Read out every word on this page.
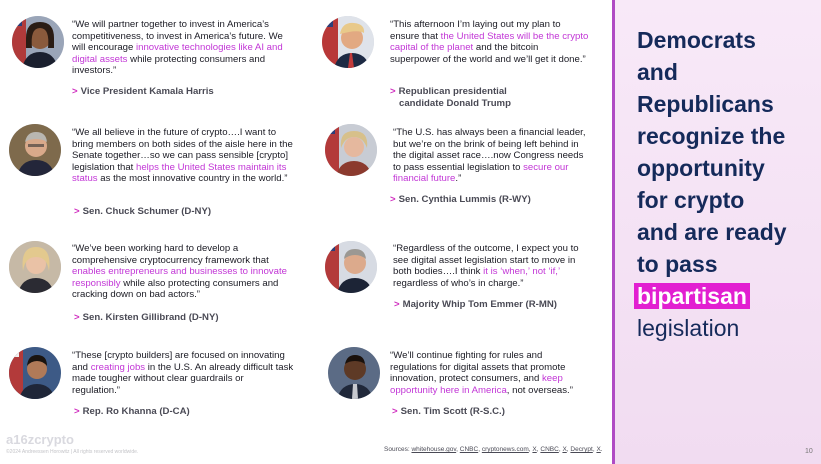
“We will partner together to invest in America’s competitiveness, to invest in America’s future. We will encourage innovative technologies like AI and digital assets while protecting consumers and investors.”
> Vice President Kamala Harris
“This afternoon I’m laying out my plan to ensure that the United States will be the crypto capital of the planet and the bitcoin superpower of the world and we’ll get it done.”
> Republican presidential
candidate Donald Trump
“We all believe in the future of crypto….I want to bring members on both sides of the aisle here in the Senate together…so we can pass sensible [crypto] legislation that helps the United States maintain its status as the most innovative country in the world.”
> Sen. Chuck Schumer (D-NY)
“The U.S. has always been a financial leader, but we’re on the brink of being left behind in the digital asset race….now Congress needs to pass essential legislation to secure our financial future.”
> Sen. Cynthia Lummis (R-WY)
“We’ve been working hard to develop a comprehensive cryptocurrency framework that enables entrepreneurs and businesses to innovate responsibly while also protecting consumers and cracking down on bad actors.”
> Sen. Kirsten Gillibrand (D-NY)
“Regardless of the outcome, I expect you to see digital asset legislation start to move in both bodies….I think it is ‘when,’ not ‘if,’ regardless of who’s in charge.”
> Majority Whip Tom Emmer (R-MN)
“These [crypto builders] are focused on innovating and creating jobs in the U.S. An already difficult task made tougher without clear guardrails or regulation.”
> Rep. Ro Khanna (D-CA)
“We’ll continue fighting for rules and regulations for digital assets that promote innovation, protect consumers, and keep opportunity here in America, not overseas.”
> Sen. Tim Scott (R-S.C.)
a16zcrypto
©2024 Andreessen Horowitz | All rights reserved worldwide.	Sources: whitehouse.gov, CNBC, cryptonews.com, X, CNBC, X, Decrypt, X.
Democrats
and
Republicans
recognize the
opportunity
for crypto
and are ready
to pass
bipartisan
legislation
10
